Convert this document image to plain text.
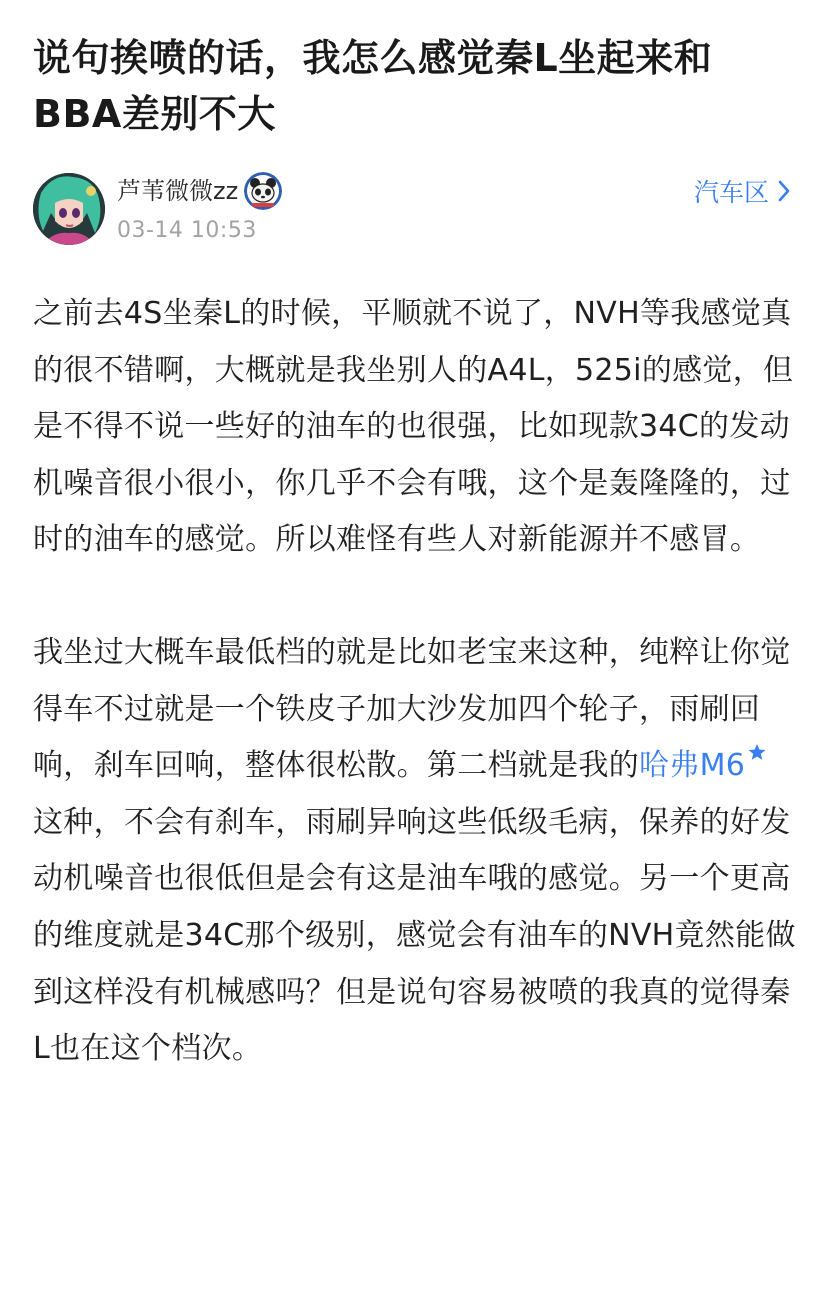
说句挨喷的话，我怎么感觉秦L坐起来和BBA差别不大
芦苇微微zz
03-14 10:53
汽车区

之前去4S坐秦L的时候，平顺就不说了，NVH等我感觉真的很不错啊，大概就是我坐别人的A4L，525i的感觉，但是不得不说一些好的油车的也很强，比如现款34C的发动机噪音很小很小，你几乎不会有哦，这个是轰隆隆的，过时的油车的感觉。所以难怪有些人对新能源并不感冒。

我坐过大概车最低档的就是比如老宝来这种，纯粹让你觉得车不过就是一个铁皮子加大沙发加四个轮子，雨刷回响，刹车回响，整体很松散。第二档就是我的哈弗M6这种，不会有刹车，雨刷异响这些低级毛病，保养的好发动机噪音也很低但是会有这是油车哦的感觉。另一个更高的维度就是34C那个级别，感觉会有油车的NVH竟然能做到这样没有机械感吗？但是说句容易被喷的我真的觉得秦L也在这个档次。
